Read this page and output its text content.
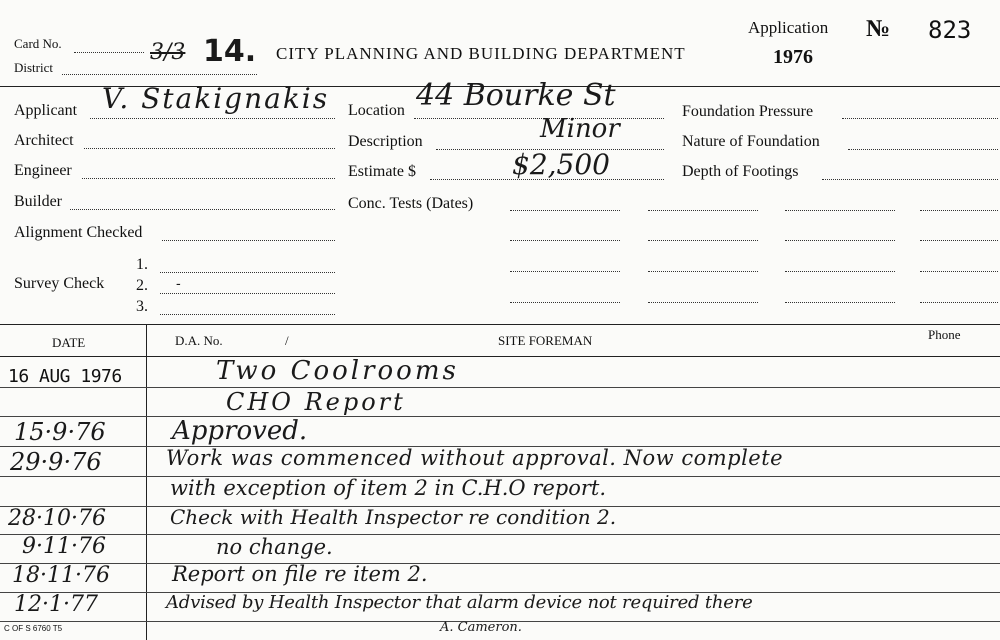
Card No.	3/3 14.
District
CITY PLANNING AND BUILDING DEPARTMENT
Application
1976
№ 823
Applicant V. Stakignakis
Architect
Engineer
Builder
Alignment Checked
Survey Check
1.
2. -
3.
Location 44 Bourke St
Description	Minor
Estimate $	$2,500
Conc. Tests (Dates)
Foundation Pressure
Nature of Foundation
Depth of Footings
DATE	D.A. No.	/	SITE FOREMAN	Phone
16 AUG 1976	Two Coolrooms
CHO Report
15·9·76	Approved.
29·9·76	Work was commenced without approval. Now complete
with exception of item 2 in C.H.O report.
28·10·76	Check with Health Inspector re condition 2.
9·11·76	no change.
18·11·76	Report on file re item 2.
12·1·77	Advised by Health Inspector that alarm device not required there
A. Cameron.
C OF S 6760 T5
